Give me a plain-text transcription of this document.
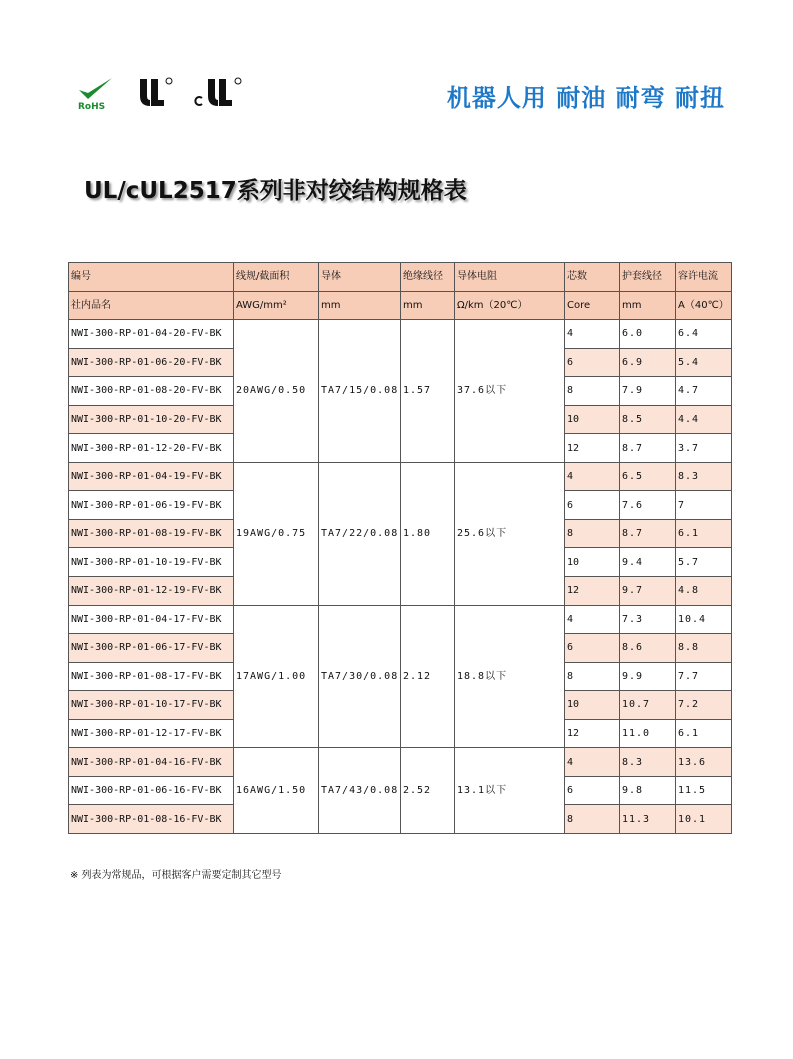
RoHS	机器人用 耐油 耐弯 耐扭
UL/cUL2517系列非对绞结构规格表
编号	线规/截面积	导体	绝缘线径	导体电阻	芯数	护套线径	容许电流
社内品名	AWG/mm²	mm	mm	Ω/km（20℃）	Core	mm	A（40℃）
NWI-300-RP-01-04-20-FV-BK	20AWG/0.50	TA7/15/0.08	1.57	37.6以下	4	6.0	6.4
NWI-300-RP-01-06-20-FV-BK					6	6.9	5.4
NWI-300-RP-01-08-20-FV-BK					8	7.9	4.7
NWI-300-RP-01-10-20-FV-BK					10	8.5	4.4
NWI-300-RP-01-12-20-FV-BK					12	8.7	3.7
NWI-300-RP-01-04-19-FV-BK	19AWG/0.75	TA7/22/0.08	1.80	25.6以下	4	6.5	8.3
NWI-300-RP-01-06-19-FV-BK					6	7.6	7
NWI-300-RP-01-08-19-FV-BK					8	8.7	6.1
NWI-300-RP-01-10-19-FV-BK					10	9.4	5.7
NWI-300-RP-01-12-19-FV-BK					12	9.7	4.8
NWI-300-RP-01-04-17-FV-BK	17AWG/1.00	TA7/30/0.08	2.12	18.8以下	4	7.3	10.4
NWI-300-RP-01-06-17-FV-BK					6	8.6	8.8
NWI-300-RP-01-08-17-FV-BK					8	9.9	7.7
NWI-300-RP-01-10-17-FV-BK					10	10.7	7.2
NWI-300-RP-01-12-17-FV-BK					12	11.0	6.1
NWI-300-RP-01-04-16-FV-BK	16AWG/1.50	TA7/43/0.08	2.52	13.1以下	4	8.3	13.6
NWI-300-RP-01-06-16-FV-BK					6	9.8	11.5
NWI-300-RP-01-08-16-FV-BK					8	11.3	10.1
※ 列表为常规品，可根据客户需要定制其它型号
